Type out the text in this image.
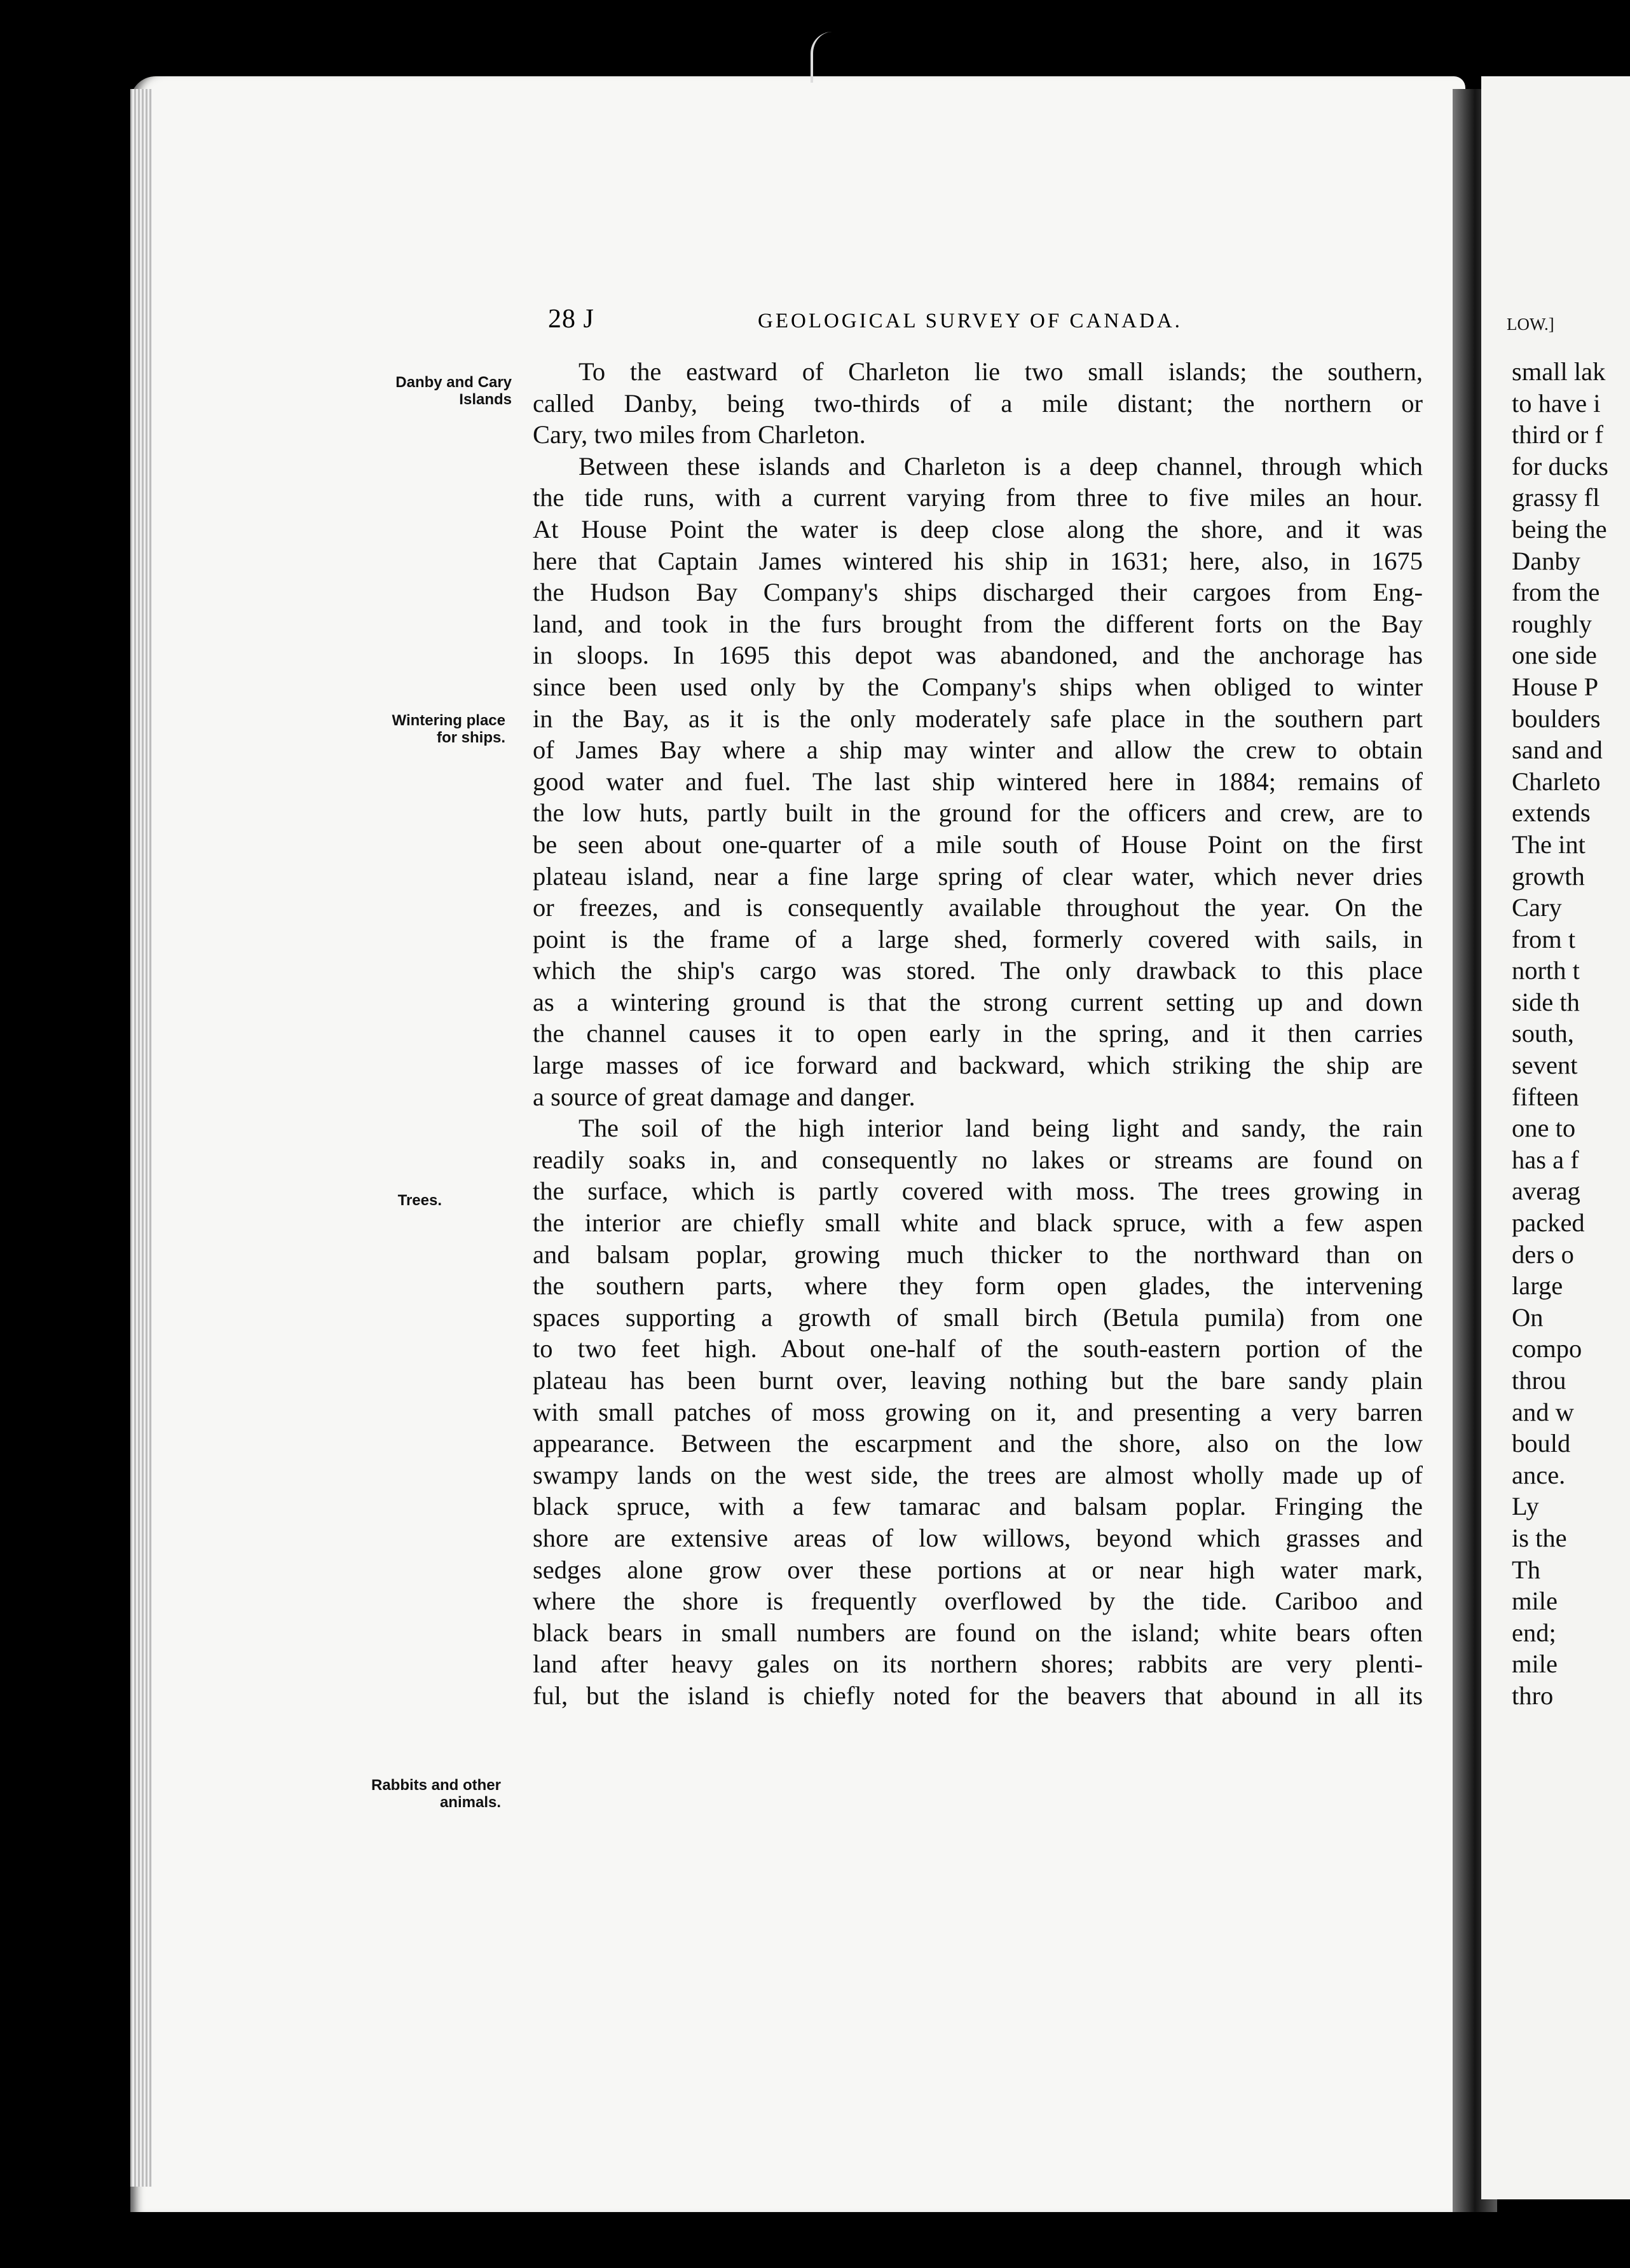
28 J	GEOLOGICAL SURVEY OF CANADA.
Danby and Cary Islands
Wintering place for ships.
Trees.
Rabbits and other animals.
To the eastward of Charleton lie two small islands; the southern,
called Danby, being two-thirds of a mile distant; the northern or
Cary, two miles from Charleton.
Between these islands and Charleton is a deep channel, through which
the tide runs, with a current varying from three to five miles an hour.
At House Point the water is deep close along the shore, and it was
here that Captain James wintered his ship in 1631; here, also, in 1675
the Hudson Bay Company's ships discharged their cargoes from Eng-
land, and took in the furs brought from the different forts on the Bay
in sloops. In 1695 this depot was abandoned, and the anchorage has
since been used only by the Company's ships when obliged to winter
in the Bay, as it is the only moderately safe place in the southern part
of James Bay where a ship may winter and allow the crew to obtain
good water and fuel. The last ship wintered here in 1884; remains of
the low huts, partly built in the ground for the officers and crew, are to
be seen about one-quarter of a mile south of House Point on the first
plateau island, near a fine large spring of clear water, which never dries
or freezes, and is consequently available throughout the year. On the
point is the frame of a large shed, formerly covered with sails, in
which the ship's cargo was stored. The only drawback to this place
as a wintering ground is that the strong current setting up and down
the channel causes it to open early in the spring, and it then carries
large masses of ice forward and backward, which striking the ship are
a source of great damage and danger.
The soil of the high interior land being light and sandy, the rain
readily soaks in, and consequently no lakes or streams are found on
the surface, which is partly covered with moss. The trees growing in
the interior are chiefly small white and black spruce, with a few aspen
and balsam poplar, growing much thicker to the northward than on
the southern parts, where they form open glades, the intervening
spaces supporting a growth of small birch (Betula pumila) from one
to two feet high. About one-half of the south-eastern portion of the
plateau has been burnt over, leaving nothing but the bare sandy plain
with small patches of moss growing on it, and presenting a very barren
appearance. Between the escarpment and the shore, also on the low
swampy lands on the west side, the trees are almost wholly made up of
black spruce, with a few tamarac and balsam poplar. Fringing the
shore are extensive areas of low willows, beyond which grasses and
sedges alone grow over these portions at or near high water mark,
where the shore is frequently overflowed by the tide. Cariboo and
black bears in small numbers are found on the island; white bears often
land after heavy gales on its northern shores; rabbits are very plenti-
ful, but the island is chiefly noted for the beavers that abound in all its
LOW.]
small lak
to have i
third or f
for ducks
grassy fl
being the
Danby
from the
roughly
one side
House P
boulders
sand and
Charleto
extends
The int
growth
Cary
from t
north t
side th
south,
sevent
fifteen
one to
has a f
averag
packed
ders o
large
On
compo
throu
and w
bould
ance.
Ly
is the
Th
mile
end;
mile
thro
